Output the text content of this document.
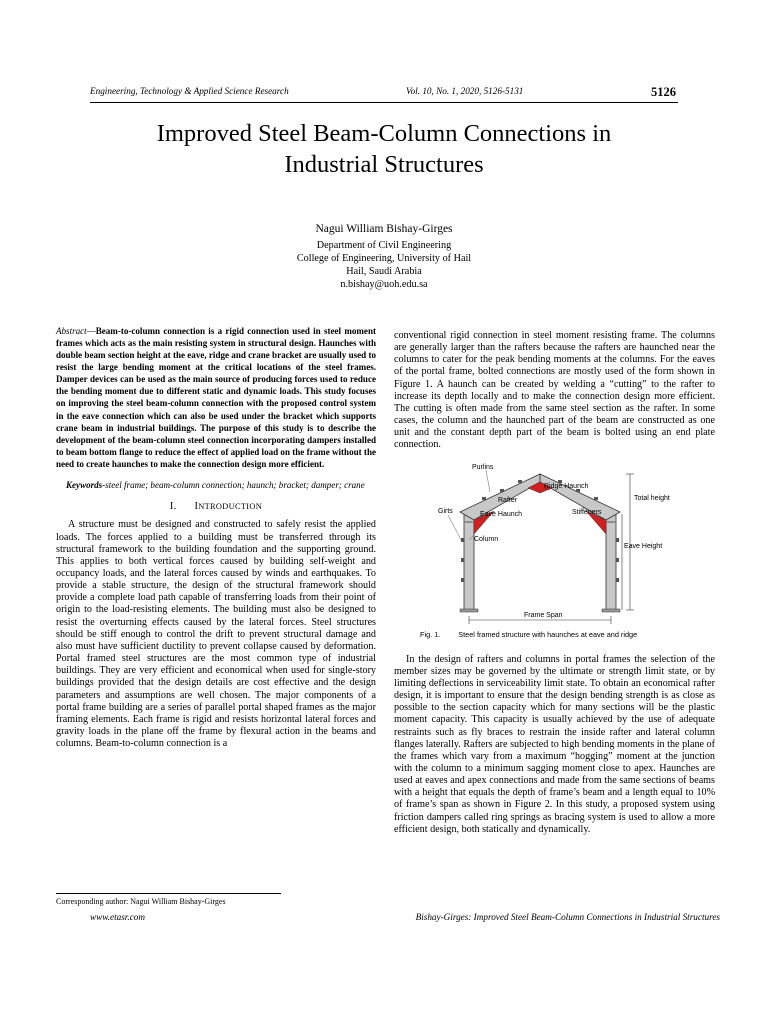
Engineering, Technology & Applied Science Research	Vol. 10, No. 1, 2020, 5126-5131	5126
Improved Steel Beam-Column Connections in
Industrial Structures
Nagui William Bishay-Girges
Department of Civil Engineering
College of Engineering, University of Hail
Hail, Saudi Arabia
n.bishay@uoh.edu.sa
Abstract—Beam-to-column connection is a rigid connection used in steel moment frames which acts as the main resisting system in structural design. Haunches with double beam section height at the eave, ridge and crane bracket are usually used to resist the large bending moment at the critical locations of the steel frames. Damper devices can be used as the main source of producing forces used to reduce the bending moment due to different static and dynamic loads. This study focuses on improving the steel beam-column connection with the proposed control system in the eave connection which can also be used under the bracket which supports crane beam in industrial buildings. The purpose of this study is to describe the development of the beam-column steel connection incorporating dampers installed to beam bottom flange to reduce the effect of applied load on the frame without the need to create haunches to make the connection design more efficient.
Keywords-steel frame; beam-column connection; haunch; bracket; damper; crane
I. INTRODUCTION

A structure must be designed and constructed to safely resist the applied loads. The forces applied to a building must be transferred through its structural framework to the building foundation and the supporting ground. This applies to both vertical forces caused by building self-weight and occupancy loads, and the lateral forces caused by winds and earthquakes. To provide a stable structure, the design of the structural framework should provide a complete load path capable of transferring loads from their point of origin to the load-resisting elements. The building must also be designed to resist the overturning effects caused by the lateral forces. Steel structures should be stiff enough to control the drift to prevent structural damage and also must have sufficient ductility to prevent collapse caused by deformation. Portal framed steel structures are the most common type of industrial buildings. They are very efficient and economical when used for single-story buildings provided that the design details are cost effective and the design parameters and assumptions are well chosen. The major components of a portal frame building are a series of parallel portal shaped frames as the major framing elements. Each frame is rigid and resists horizontal lateral forces and gravity loads in the plane off the frame by flexural action in the beams and columns. Beam-to-column connection is a

conventional rigid connection in steel moment resisting frame. The columns are generally larger than the rafters because the rafters are haunched near the columns to cater for the peak bending moments at the columns. For the eaves of the portal frame, bolted connections are mostly used of the form shown in Figure 1. A haunch can be created by welding a “cutting” to the rafter to increase its depth locally and to make the connection design more efficient. The cutting is often made from the same steel section as the rafter. In some cases, the column and the haunched part of the beam are constructed as one unit and the constant depth part of the beam is bolted using an end plate connection.

Purlins
Rafter
Ridge Haunch
Total height
Girts	Eave Haunch	Stiffeners
Column
Eave Height
Frame Span
Fig. 1. Steel framed structure with haunches at eave and ridge

In the design of rafters and columns in portal frames the selection of the member sizes may be governed by the ultimate or strength limit state, or by limiting deflections in serviceability limit state. To obtain an economical rafter design, it is important to ensure that the design bending strength is as close as possible to the section capacity which for many sections will be the plastic moment capacity. This capacity is usually achieved by the use of adequate restraints such as fly braces to restrain the inside rafter and lateral column flanges laterally. Rafters are subjected to high bending moments in the plane of the frames which vary from a maximum “hogging” moment at the junction with the column to a minimum sagging moment close to apex. Haunches are used at eaves and apex connections and made from the same sections of beams with a height that equals the depth of frame’s beam and a length equal to 10% of frame’s span as shown in Figure 2. In this study, a proposed system using friction dampers called ring springs as bracing system is used to allow a more efficient design, both statically and dynamically.

Corresponding author: Nagui William Bishay-Girges
www.etasr.com	Bishay-Girges: Improved Steel Beam-Column Connections in Industrial Structures
